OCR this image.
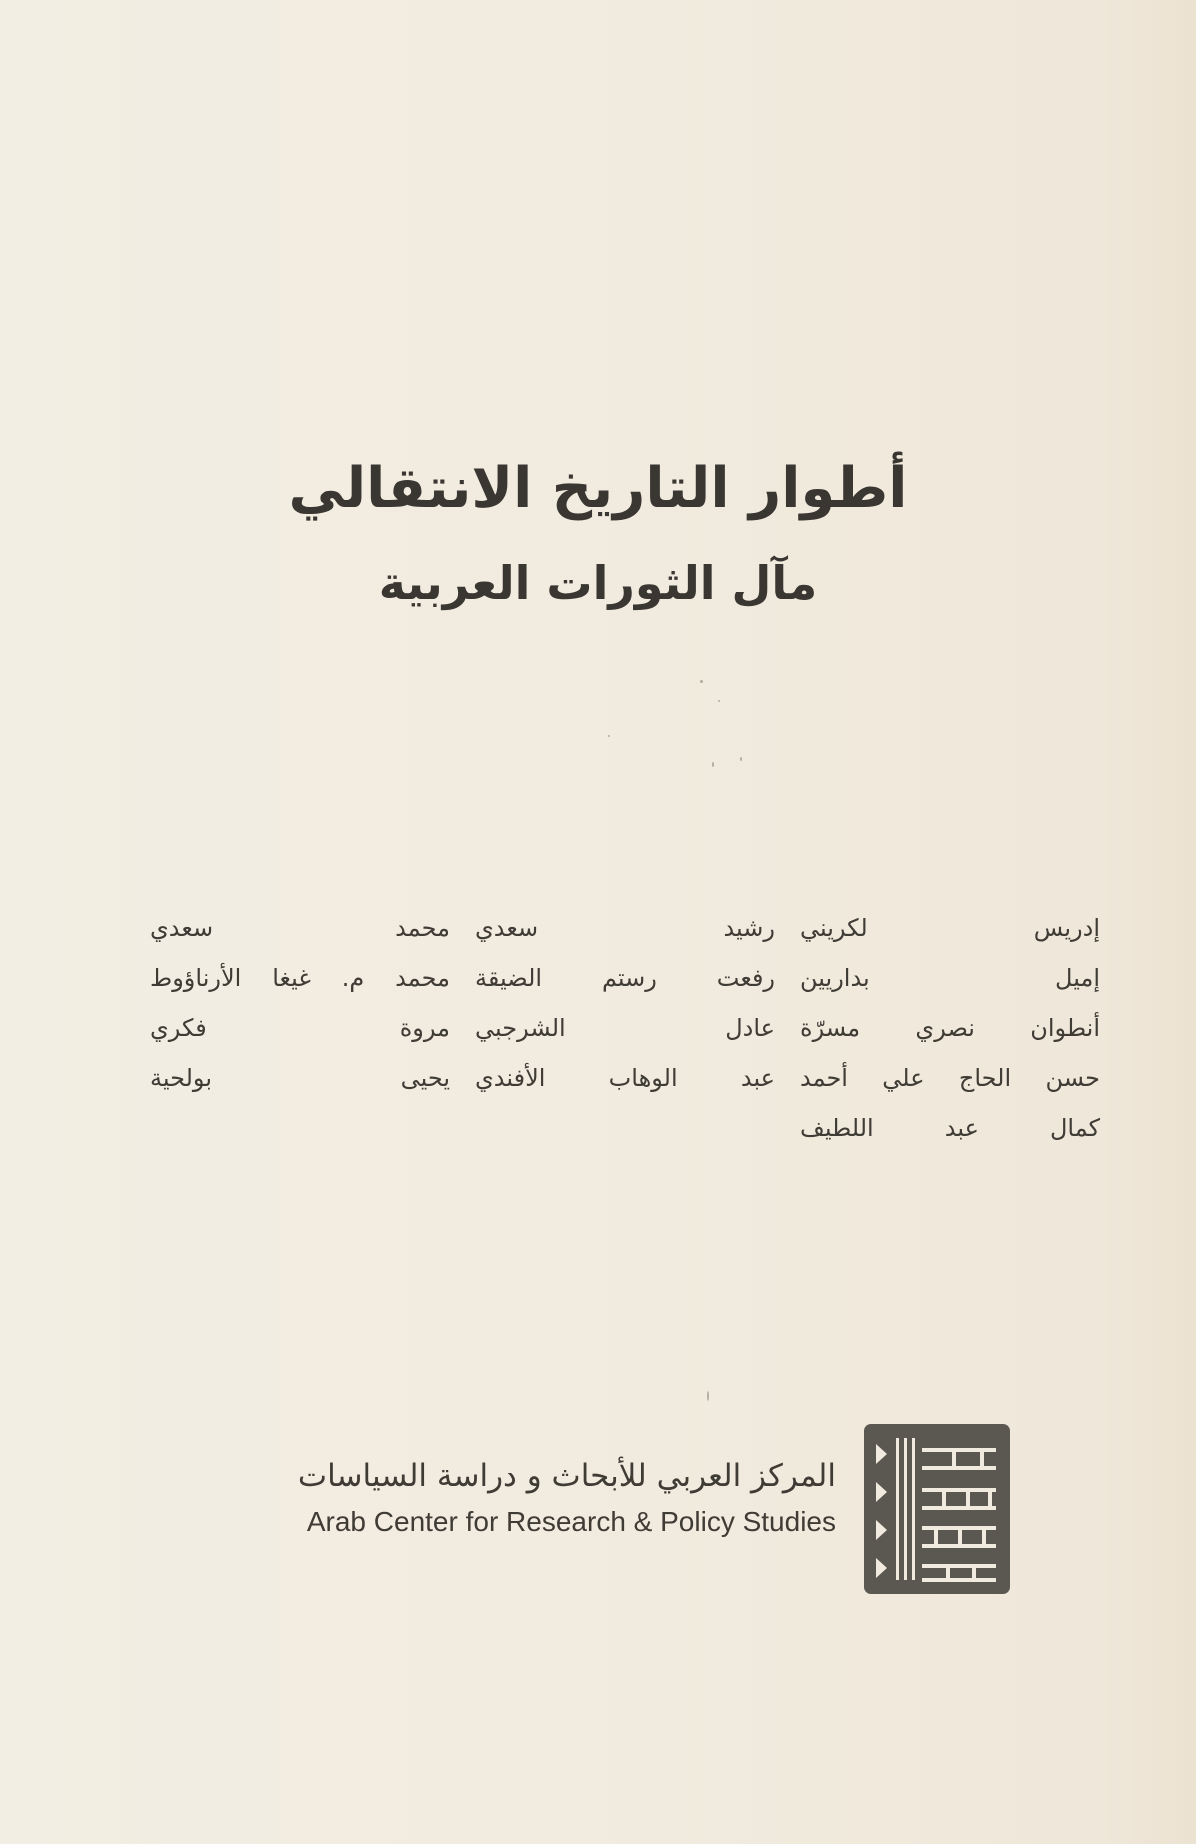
أطوار التاريخ الانتقالي
مآل الثورات العربية
إدريس لكريني
رشيد سعدي
محمد سعدي
إميل بداريين
رفعت رستم الضيقة
محمد م. غيغا الأرناؤوط
أنطوان نصري مسرّة
عادل الشرجبي
مروة فكري
حسن الحاج علي أحمد
عبد الوهاب الأفندي
يحيى بولحية
كمال عبد اللطيف
المركز العربي للأبحاث و دراسة السياسات
Arab Center for Research & Policy Studies
